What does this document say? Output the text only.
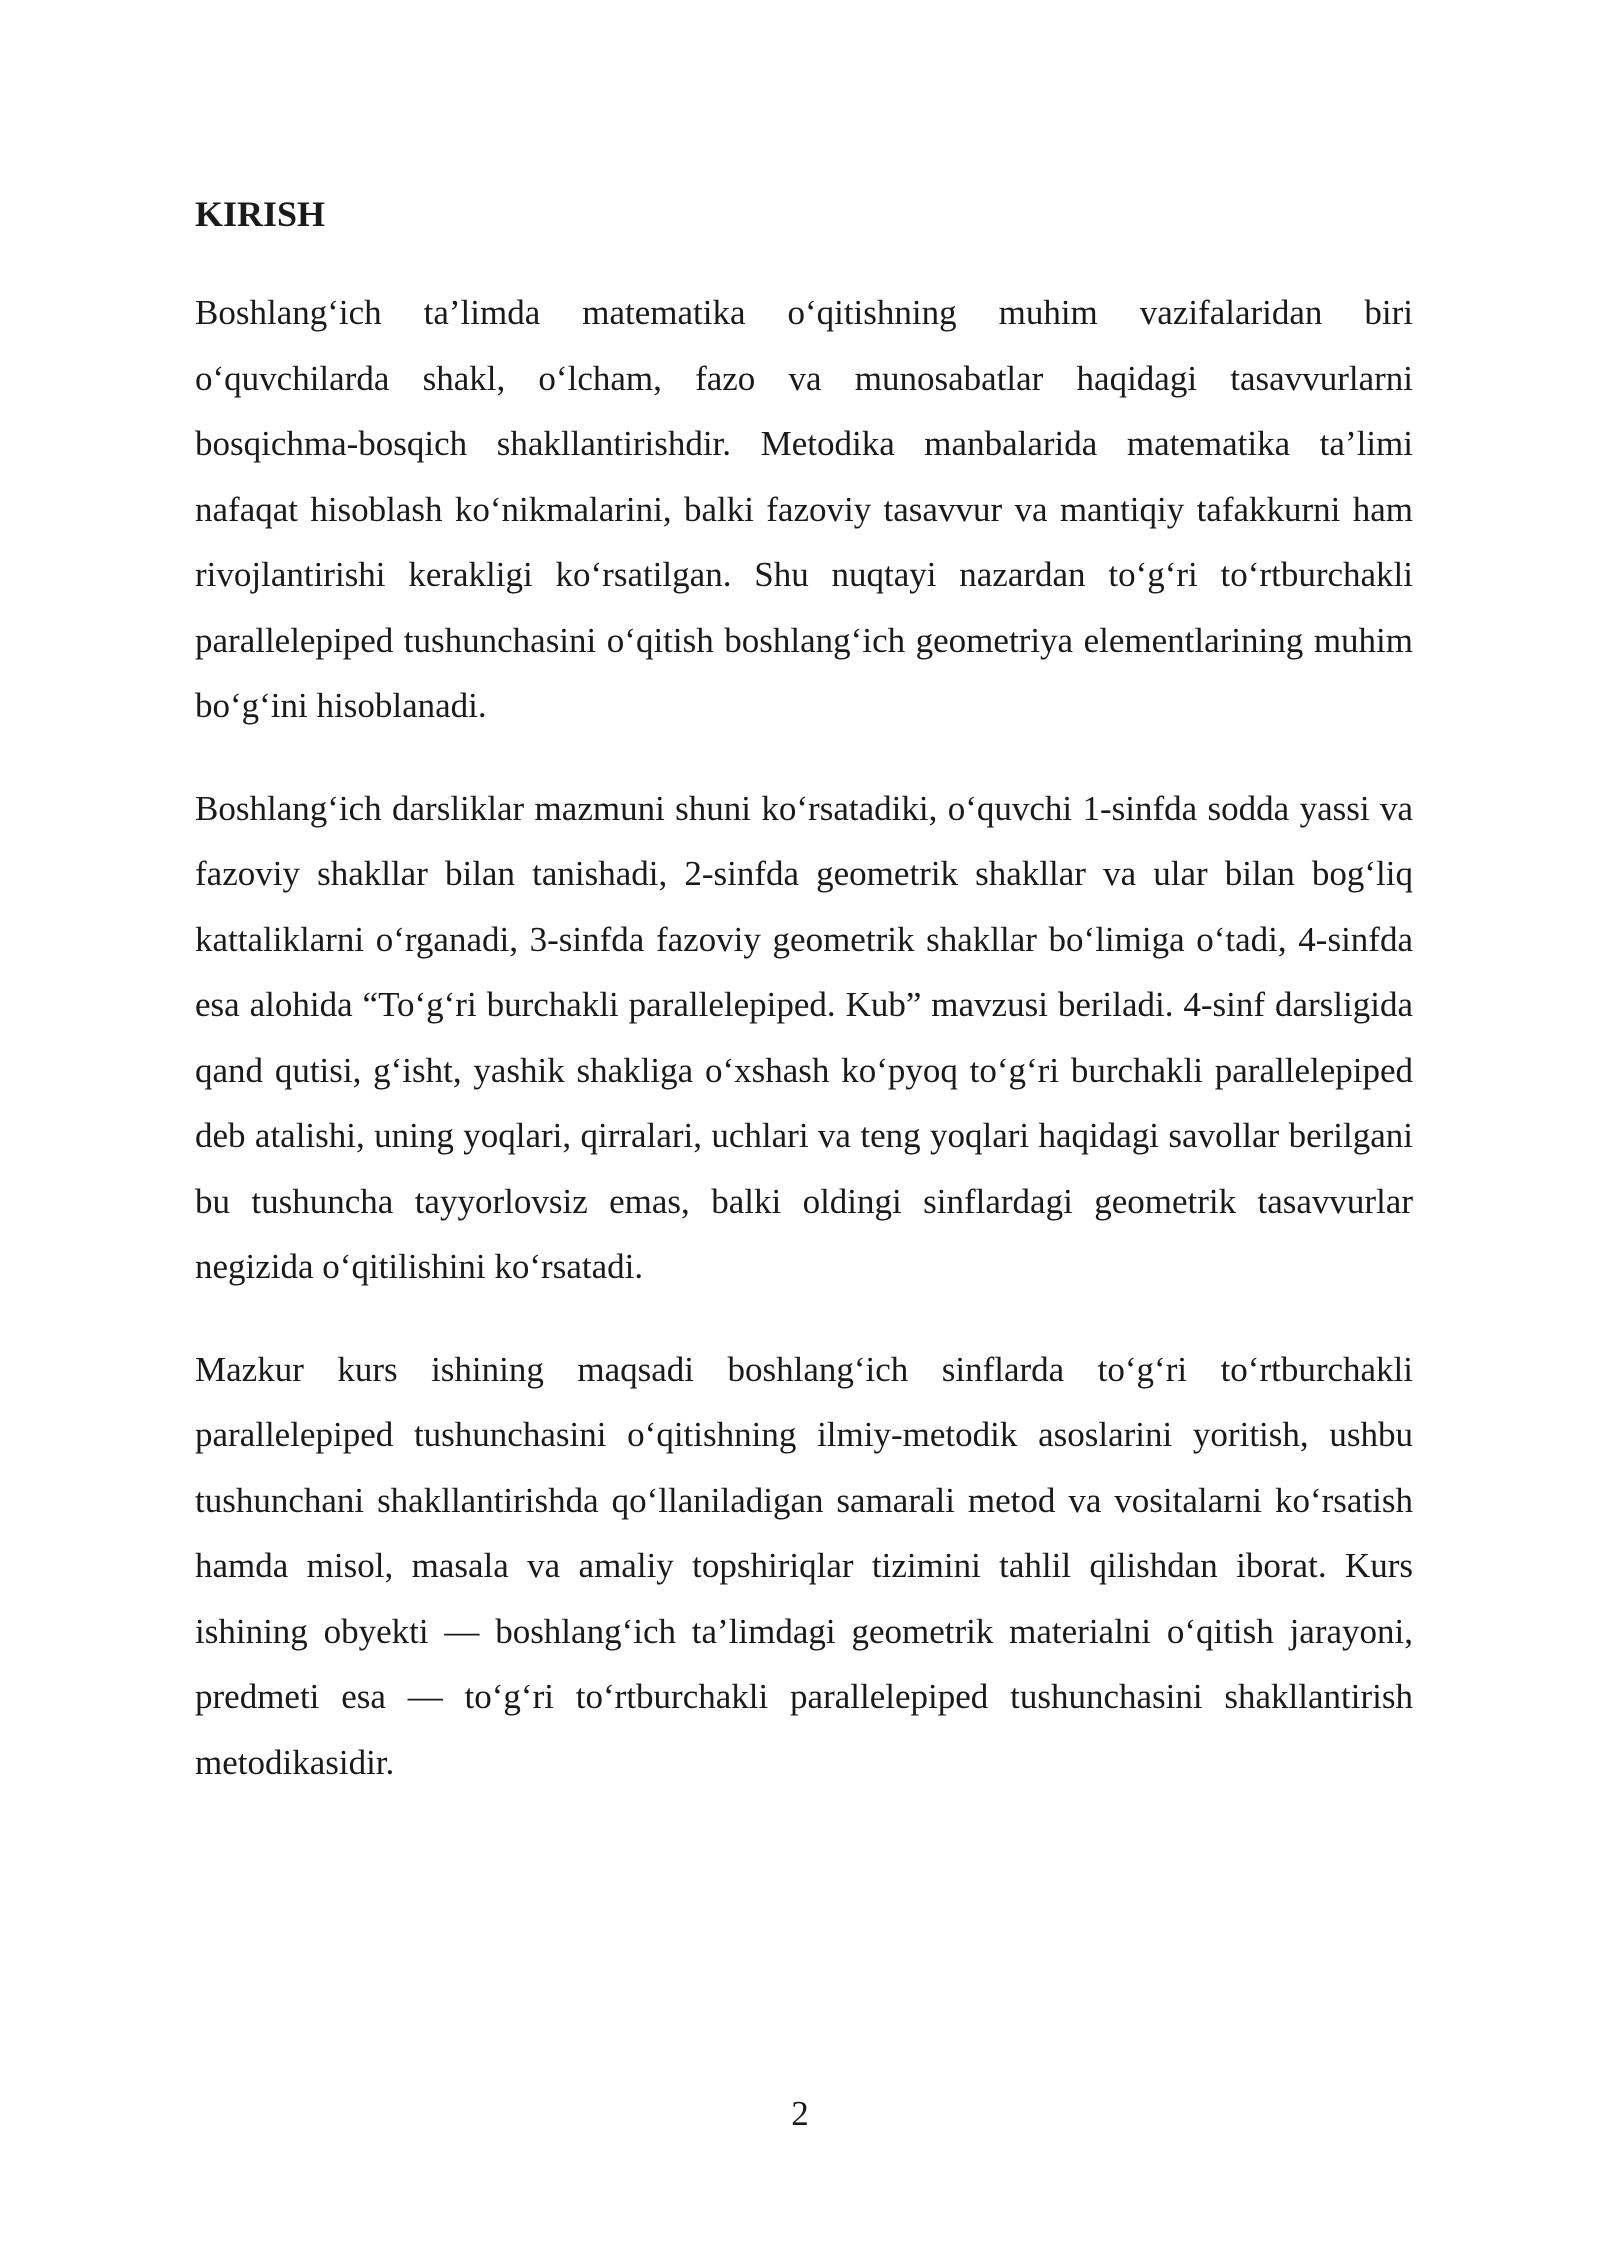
KIRISH

Boshlang‘ich ta’limda matematika o‘qitishning muhim vazifalaridan biri o‘quvchilarda shakl, o‘lcham, fazo va munosabatlar haqidagi tasavvurlarni bosqichma-bosqich shakllantirishdir. Metodika manbalarida matematika ta’limi nafaqat hisoblash ko‘nikmalarini, balki fazoviy tasavvur va mantiqiy tafakkurni ham rivojlantirishi kerakligi ko‘rsatilgan. Shu nuqtayi nazardan to‘g‘ri to‘rtburchakli parallelepiped tushunchasini o‘qitish boshlang‘ich geometriya elementlarining muhim bo‘g‘ini hisoblanadi.

Boshlang‘ich darsliklar mazmuni shuni ko‘rsatadiki, o‘quvchi 1-sinfda sodda yassi va fazoviy shakllar bilan tanishadi, 2-sinfda geometrik shakllar va ular bilan bog‘liq kattaliklarni o‘rganadi, 3-sinfda fazoviy geometrik shakllar bo‘limiga o‘tadi, 4-sinfda esa alohida “To‘g‘ri burchakli parallelepiped. Kub” mavzusi beriladi. 4-sinf darsligida qand qutisi, g‘isht, yashik shakliga o‘xshash ko‘pyoq to‘g‘ri burchakli parallelepiped deb atalishi, uning yoqlari, qirralari, uchlari va teng yoqlari haqidagi savollar berilgani bu tushuncha tayyorlovsiz emas, balki oldingi sinflardagi geometrik tasavvurlar negizida o‘qitilishini ko‘rsatadi.

Mazkur kurs ishining maqsadi boshlang‘ich sinflarda to‘g‘ri to‘rtburchakli parallelepiped tushunchasini o‘qitishning ilmiy-metodik asoslarini yoritish, ushbu tushunchani shakllantirishda qo‘llaniladigan samarali metod va vositalarni ko‘rsatish hamda misol, masala va amaliy topshiriqlar tizimini tahlil qilishdan iborat. Kurs ishining obyekti — boshlang‘ich ta’limdagi geometrik materialni o‘qitish jarayoni, predmeti esa — to‘g‘ri to‘rtburchakli parallelepiped tushunchasini shakllantirish metodikasidir.

2
